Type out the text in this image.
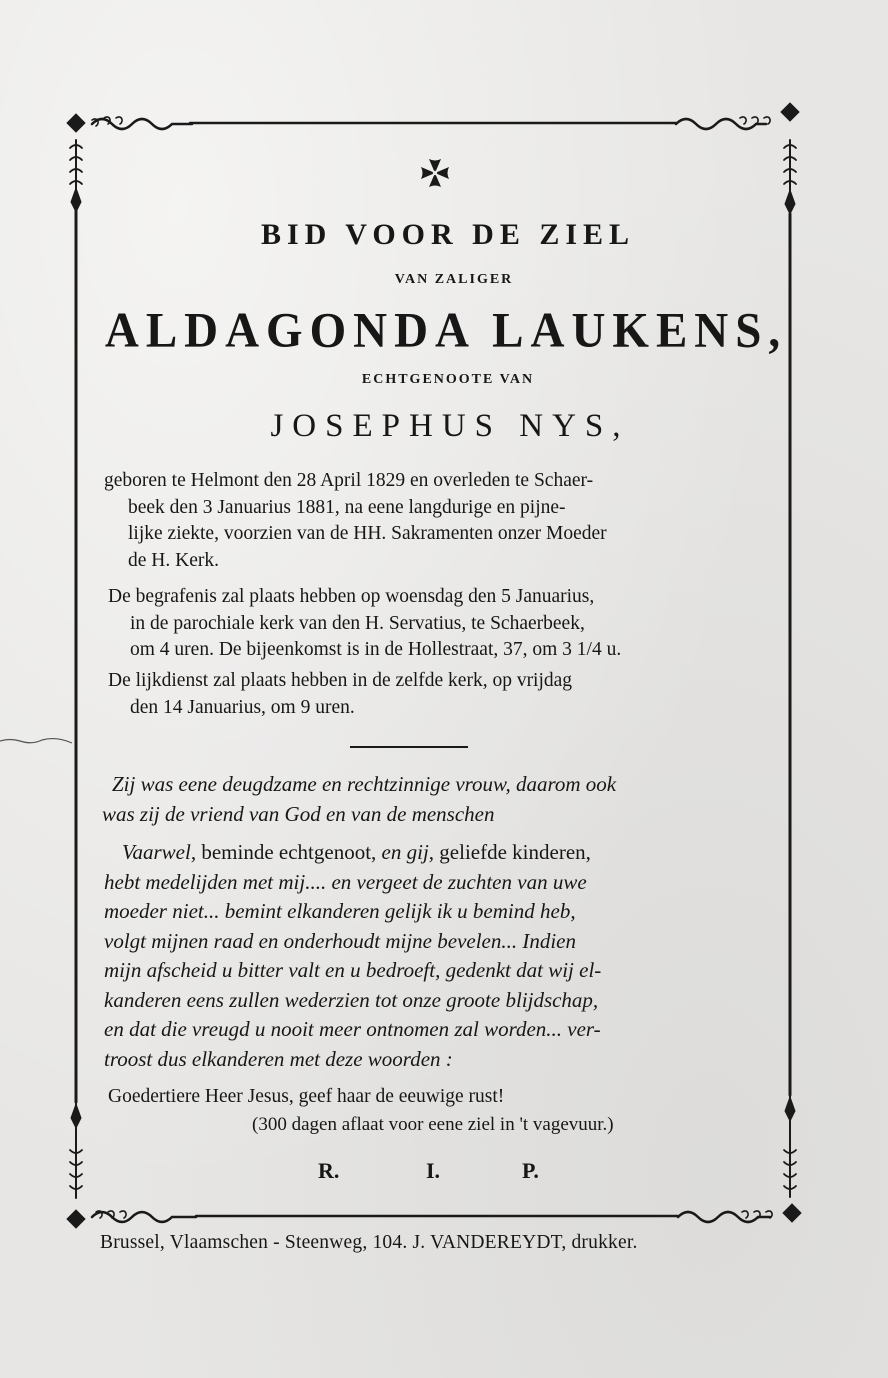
BID VOOR DE ZIEL
VAN ZALIGER
ALDAGONDA LAUKENS,
ECHTGENOOTE VAN
JOSEPHUS NYS,

geboren te Helmont den 28 April 1829 en overleden te Schaer-
beek den 3 Januarius 1881, na eene langdurige en pijne-
lijke ziekte, voorzien van de HH. Sakramenten onzer Moeder
de H. Kerk.

De begrafenis zal plaats hebben op woensdag den 5 Januarius,
in de parochiale kerk van den H. Servatius, te Schaerbeek,
om 4 uren. De bijeenkomst is in de Hollestraat, 37, om 3 1/4 u.

De lijkdienst zal plaats hebben in de zelfde kerk, op vrijdag
den 14 Januarius, om 9 uren.

Zij was eene deugdzame en rechtzinnige vrouw, daarom ook
was zij de vriend van God en van de menschen
Vaarwel, beminde echtgenoot, en gij, geliefde kinderen,
hebt medelijden met mij.... en vergeet de zuchten van uwe
moeder niet... bemint elkanderen gelijk ik u bemind heb,
volgt mijnen raad en onderhoudt mijne bevelen... Indien
mijn afscheid u bitter valt en u bedroeft, gedenkt dat wij el-
kanderen eens zullen wederzien tot onze groote blijdschap,
en dat die vreugd u nooit meer ontnomen zal worden... ver-
troost dus elkanderen met deze woorden :
Goedertiere Heer Jesus, geef haar de eeuwige rust!
(300 dagen aflaat voor eene ziel in 't vagevuur.)
R.	I.	P.
Brussel, Vlaamschen - Steenweg, 104. J. VANDEREYDT, drukker.
